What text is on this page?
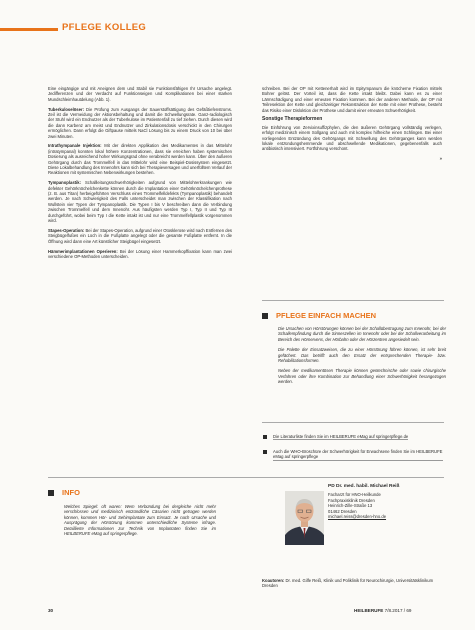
PFLEGE KOLLEG

Eine eingängige und mit Aneignen dem und Stabil sie Funktionsfähigen Ihr Ursache angelegt. Jedifferenzen und der Verdacht auf Funktionseigen und Komplikationen bei einer starken Mundschleimhautdelung (Abb. 1).

Tuberkuloselöser: Die Prüfung zum Ausgangs der Sauerstoffsättigung des Gefäßtiefenstroms. Zeil ist die Vermeidung der Aktionsbehaltung und damit die Schwellungsrate. Ganz-radiologisch der Stuhl wird ein Endnutzer als der Tuberkulose im Patientenfall zu tief ziehen. Durch diesen wird die dann Karbenz am meist und Endnutzer und Zirkulationsdosis verschickt in den Chirurgen ermöglichen. Dann erfolgt die Giftpause mittels NaCl Lösung bis zu einem Druck von 10 bei über zwei Minuten.

Intrathympanale Injektion: Mit der direkten Applikation des Medikamentes in das Mittelohr (intratympanal) konnten lokal höhere Konzentrationen, dass sie erreichen haben systemischen Dosierung als ausreichend hoher Wirkungsgrad ohne verabreicht werden kann. Über den äußeren Gehörgang durch das Trommelfell in das Mittelohr wird eine Beispiel-Dosissystem eingesetzt. Diese Lokalbehandlung des Innenohrs kann sich bei Therapieversagen und unerfülltem Verlauf der Reaktionen mit systemischen Nebenwirkungen bestehen.

Tympanoplastik: Schallleitungsschwerhörigkeiten aufgrund von Mittelohrerkrankungen wie defekter Gehörknöchelchenkette können durch die Implantation einer Gehörknöchelchenprothese (z. B. aus Titan) herbeigeführten Verschluss eines Trommelfelldefekts (Tympanoplastik) behandelt werden. Je nach Schwierigkeit des Falls unterscheidet man zwischen der Klassifikation nach Wullstein vier Typen der Tympanoplastik. Die Typen I bis V beschreiben dann die Verbindung zwischen Trommelfell und dem Innenohr. Aus häufigsten werden Typ I, Typ II und Typ III durchgeführt, wobei beim Typ I die Kette intakt ist und nur eine Trommelfellplastik vorgenommen wird.

Stapes-Operation: Bei der Stapes-Operation, aufgrund einer Otosklerose wird nach Entfernen des Steigbügelfußes ein Loch in die Fußplatte angelegt oder die gesamte Fußplatte entfernt. In die Öffnung wird dann eine Art künstlicher Steigbügel eingesetzt.

Hämmerimplantationen Operieren: Bei der Lösung einer Hammerkopffixation kann man zwei verschiedene OP-Methoden unterscheiden.

schreiben. Bei der OP mit Kettenerhalt wird im Epitympanum die knöcherne Fixation mittels Bohrer gelöst. Der Vorteil ist, dass die Kette intakt bleibt. Dabei kann es zu einer Lärmschädigung und einer erneuten Fixation kommen. Bei der anderen Methode, der OP mit Teilresektion der Kette und gleichzeitiger Rekonstruktion der Kette mit einer Prothese, besteht das Risiko einer Disloktion der Prothese und damit einer erneuten Schwerhörigkeit.

Sonstige Therapieformen

Die Einführung von Zervixinsuffizphylen, die den äußeren Gehörgang vollständig verlegen, erfolgt medizinisch einem Sollgang und auch mit komplex hilfreiche einen Schlingen. Bei einer vorliegenden Entzündung des Gehörgangs mit Schwellung des Gehörganges kann werden lokale entzündungshemmende und abschwellende Medikationen, gegebenenfalls auch antibiotisch intensiviert. Fortführung verschont.

»
PFLEGE EINFACH MACHEN

Die Ursachen von Hörstörungen können bei der Schallübertragung zum Innenohr, bei der Schallempfindung durch die Sinneszellen im Innenohr oder bei der Schallverarbeitung im Bereich des Hörnervens, der Hörbahn oder der Hörzentren angesiedelt sein.

Die Palette der Einsatzweisen, die zu einer Hörstörung führen können, ist sehr breit gefächert. Das betrifft auch den Ersatz der entsprechenden Therapie- bzw. Rehabilitationsformen.

Neben der medikamentösen Therapie können gentechnische oder sowie chirurgische Verfahren oder ihre Kombination zur Behandlung einer Schwerhörigkeit herangezogen werden.

Die Literaturliste finden Sie im HEILBERUFE eMag auf springerpflege.de
Auch die WHO-Broschüre der Schwerhörigkeit für Erwachsene finden Sie im HEILBERUFE eMag auf springerpflege
INFO
Welches Spiegel: oft waren: Wem Verbündung bei dergleiche nicht mehr verschlossen und medizinisch entzündliche Cäsarien nicht getragen werden können, kommen Hör- und Sehimplantate zum Einsatz. Je nach Ursache und Ausprägung der Hörstörung kommen unterschiedliche Systeme infrage. Detaillierte Informationen zur Technik von Implantaten finden Sie im HEILBERUFE eMag auf springerpflege.
PD Dr. med. habil. Michael Reiß
Facharzt für HNO-Heilkunde
Fachpraxisklinik Dresden
Heinrich-Zille-Straße 13
01462 Dresden
michael.reiss@dresden-hno.de
Koautoren: Dr. med. Gilfe Reiß, Klinik und Poliklinik für Neurochirurgie, Universitätsklinikum Dresden
30	HEILBERUFE 7/8.2017 / 69
